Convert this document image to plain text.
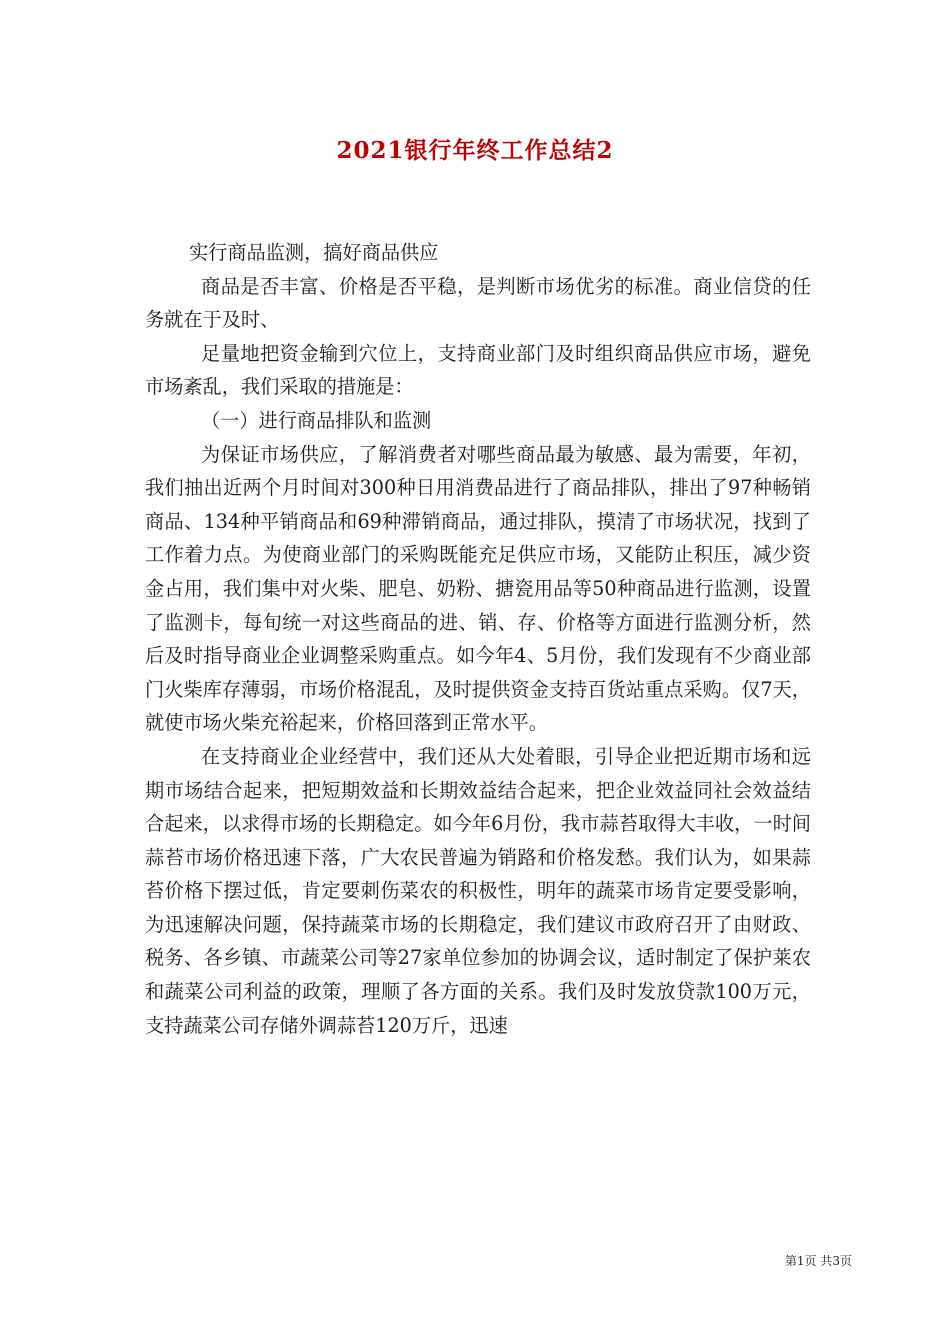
2021银行年终工作总结2

实行商品监测，搞好商品供应

商品是否丰富、价格是否平稳，是判断市场优劣的标准。商业信贷的任务就在于及时、

足量地把资金输到穴位上，支持商业部门及时组织商品供应市场，避免市场紊乱，我们采取的措施是：

（一）进行商品排队和监测

为保证市场供应，了解消费者对哪些商品最为敏感、最为需要，年初，我们抽出近两个月时间对300种日用消费品进行了商品排队，排出了97种畅销商品、134种平销商品和69种滞销商品，通过排队，摸清了市场状况，找到了工作着力点。为使商业部门的采购既能充足供应市场，又能防止积压，减少资金占用，我们集中对火柴、肥皂、奶粉、搪瓷用品等50种商品进行监测，设置了监测卡，每旬统一对这些商品的进、销、存、价格等方面进行监测分析，然后及时指导商业企业调整采购重点。如今年4、5月份，我们发现有不少商业部门火柴库存薄弱，市场价格混乱，及时提供资金支持百货站重点采购。仅7天，就使市场火柴充裕起来，价格回落到正常水平。

在支持商业企业经营中，我们还从大处着眼，引导企业把近期市场和远期市场结合起来，把短期效益和长期效益结合起来，把企业效益同社会效益结合起来，以求得市场的长期稳定。如今年6月份，我市蒜苔取得大丰收，一时间蒜苔市场价格迅速下落，广大农民普遍为销路和价格发愁。我们认为，如果蒜苔价格下摆过低，肯定要刺伤菜农的积极性，明年的蔬菜市场肯定要受影响，为迅速解决问题，保持蔬菜市场的长期稳定，我们建议市政府召开了由财政、税务、各乡镇、市蔬菜公司等27家单位参加的协调会议，适时制定了保护莱农和蔬菜公司利益的政策，理顺了各方面的关系。我们及时发放贷款100万元，支持蔬菜公司存储外调蒜苔120万斤，迅速

第1页 共3页
